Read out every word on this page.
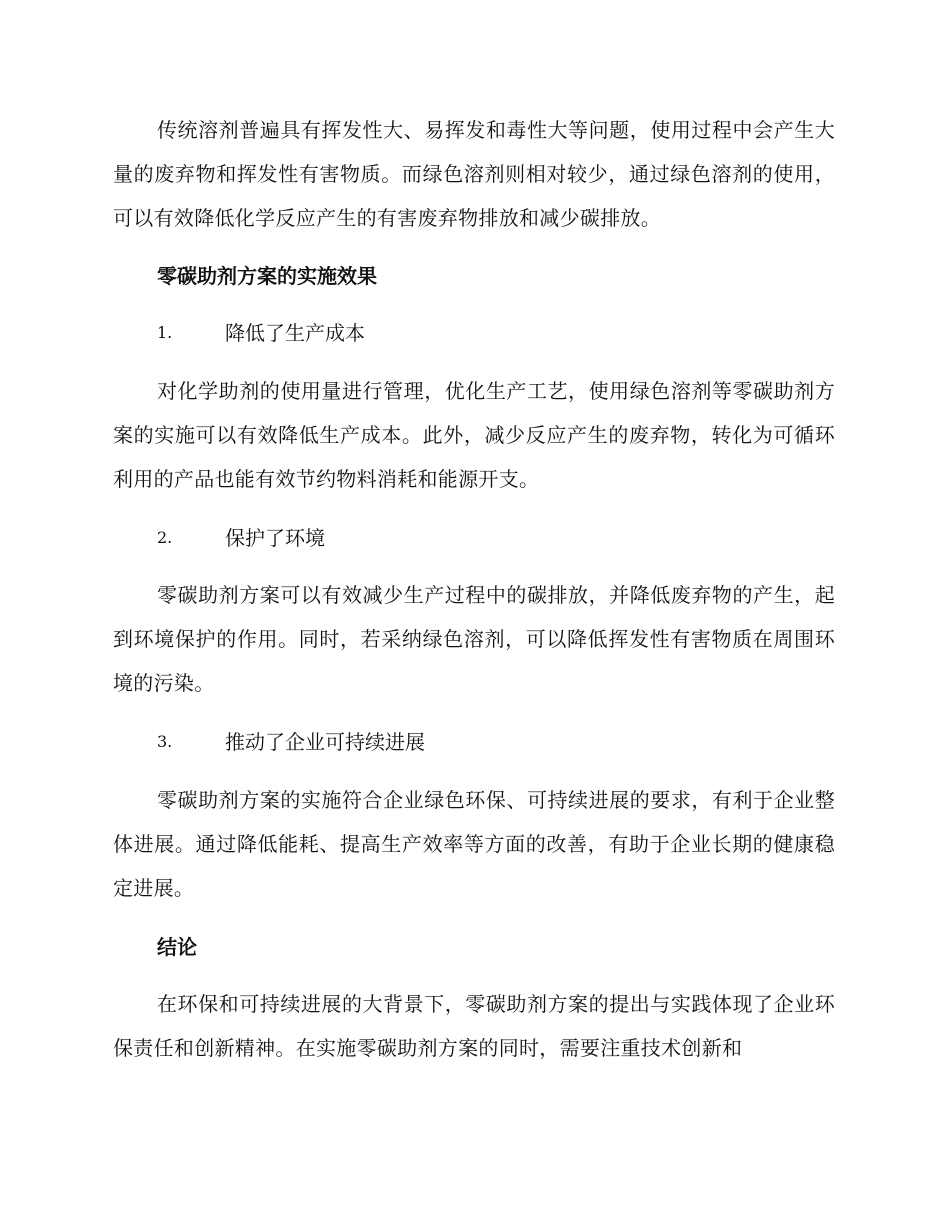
传统溶剂普遍具有挥发性大、易挥发和毒性大等问题，使用过程中会产生大量的废弃物和挥发性有害物质。而绿色溶剂则相对较少，通过绿色溶剂的使用，可以有效降低化学反应产生的有害废弃物排放和减少碳排放。

零碳助剂方案的实施效果
1.	降低了生产成本

对化学助剂的使用量进行管理，优化生产工艺，使用绿色溶剂等零碳助剂方案的实施可以有效降低生产成本。此外，减少反应产生的废弃物，转化为可循环利用的产品也能有效节约物料消耗和能源开支。

2.	保护了环境

零碳助剂方案可以有效减少生产过程中的碳排放，并降低废弃物的产生，起到环境保护的作用。同时，若采纳绿色溶剂，可以降低挥发性有害物质在周围环境的污染。

3.	推动了企业可持续进展

零碳助剂方案的实施符合企业绿色环保、可持续进展的要求，有利于企业整体进展。通过降低能耗、提高生产效率等方面的改善，有助于企业长期的健康稳定进展。

结论

在环保和可持续进展的大背景下，零碳助剂方案的提出与实践体现了企业环保责任和创新精神。在实施零碳助剂方案的同时，需要注重技术创新和
